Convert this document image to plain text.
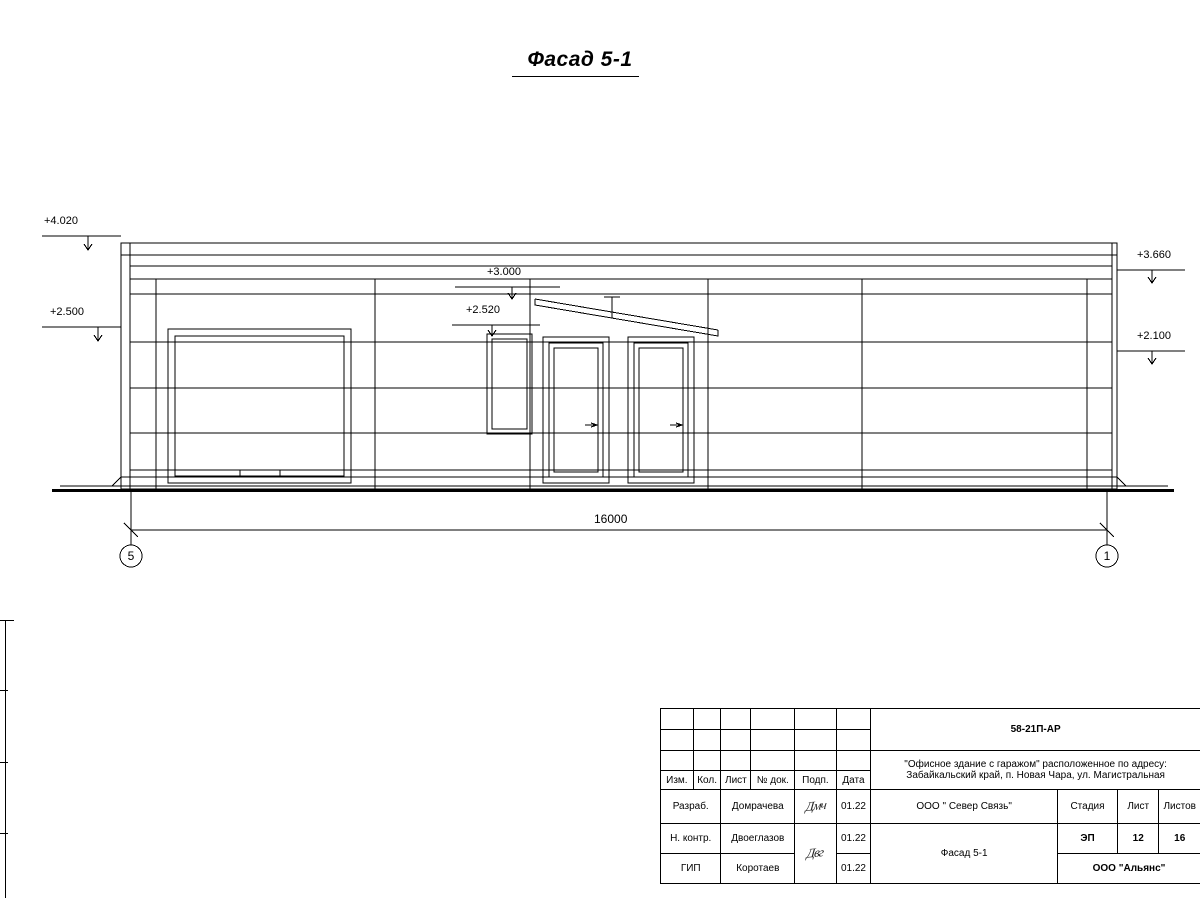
Фасад 5-1
+4.020
+2.500
+3.000
+2.520
+3.660
+2.100
16000
5	1
						58-21П-АР			

						"Офисное здание с гаражом" расположенное по адресу:
Забайкальский край, п. Новая Чара, ул. Магистральная			

Изм.	Кол.	Лист	№ док.	Подп.	Дата				
Разраб.		Домрачева		Дмч	01.22	ООО " Север Связь"	Стадия	Лист	Листов
Н. контр.		Двоеглазов		Двг	01.22	Фасад 5-1	ЭП	12	16
ГИП		Коротаев			01.22		ООО "Альянс"		
